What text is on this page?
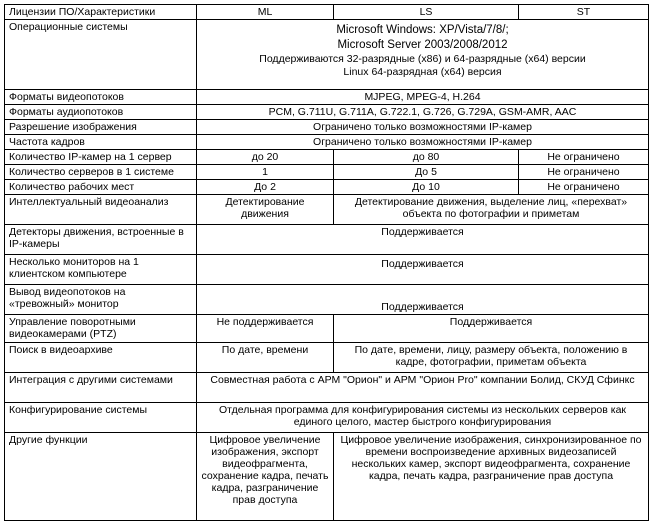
Лицензии ПО/Характеристики	ML	LS	ST
Операционные системы	Microsoft Windows: XP/Vista/7/8/;
Microsoft Server 2003/2008/2012
Поддерживаются 32-разрядные (x86) и 64-разрядные (x64) версии
Linux 64-разрядная (x64) версия		

Форматы видеопотоков	MJPEG, MPEG-4, H.264		
Форматы аудиопотоков	PCM, G.711U, G.711A, G.722.1, G.726, G.729A, GSM-AMR, AAC		
Разрешение изображения	Ограничено только возможностями IP-камер		
Частота кадров	Ограничено только возможностями IP-камер		
Количество IP-камер на 1 сервер	до 20	до 80	Не ограничено
Количество серверов в 1 системе	1	До 5	Не ограничено
Количество рабочих мест	До 2	До 10	Не ограничено
Интеллектуальный видеоанализ	Детектирование движения	Детектирование движения, выделение лиц, «перехват» объекта по фотографии и приметам	
Детекторы движения, встроенные в IP-камеры	Поддерживается		
Несколько мониторов на 1 клиентском компьютере	Поддерживается		
Вывод видеопотоков на «тревожный» монитор	Поддерживается		
Управление поворотными видеокамерами (PTZ)	Не поддерживается	Поддерживается	
Поиск в видеоархиве	По дате, времени	По дате, времени, лицу, размеру объекта, положению в кадре, фотографии, приметам объекта	
Интеграция с другими системами	Совместная работа с АРМ "Орион" и АРМ "Орион Pro" компании Болид, СКУД Сфинкс		
Конфигурирование системы	Отдельная программа для конфигурирования системы из нескольких серверов как единого целого, мастер быстрого конфигурирования		
Другие функции	Цифровое увеличение изображения, экспорт видеофрагмента, сохранение кадра, печать кадра, разграничение прав доступа	Цифровое увеличение изображения, синхронизированное по времени воспроизведение архивных видеозаписей нескольких камер, экспорт видеофрагмента, сохранение кадра, печать кадра, разграничение прав доступа	
